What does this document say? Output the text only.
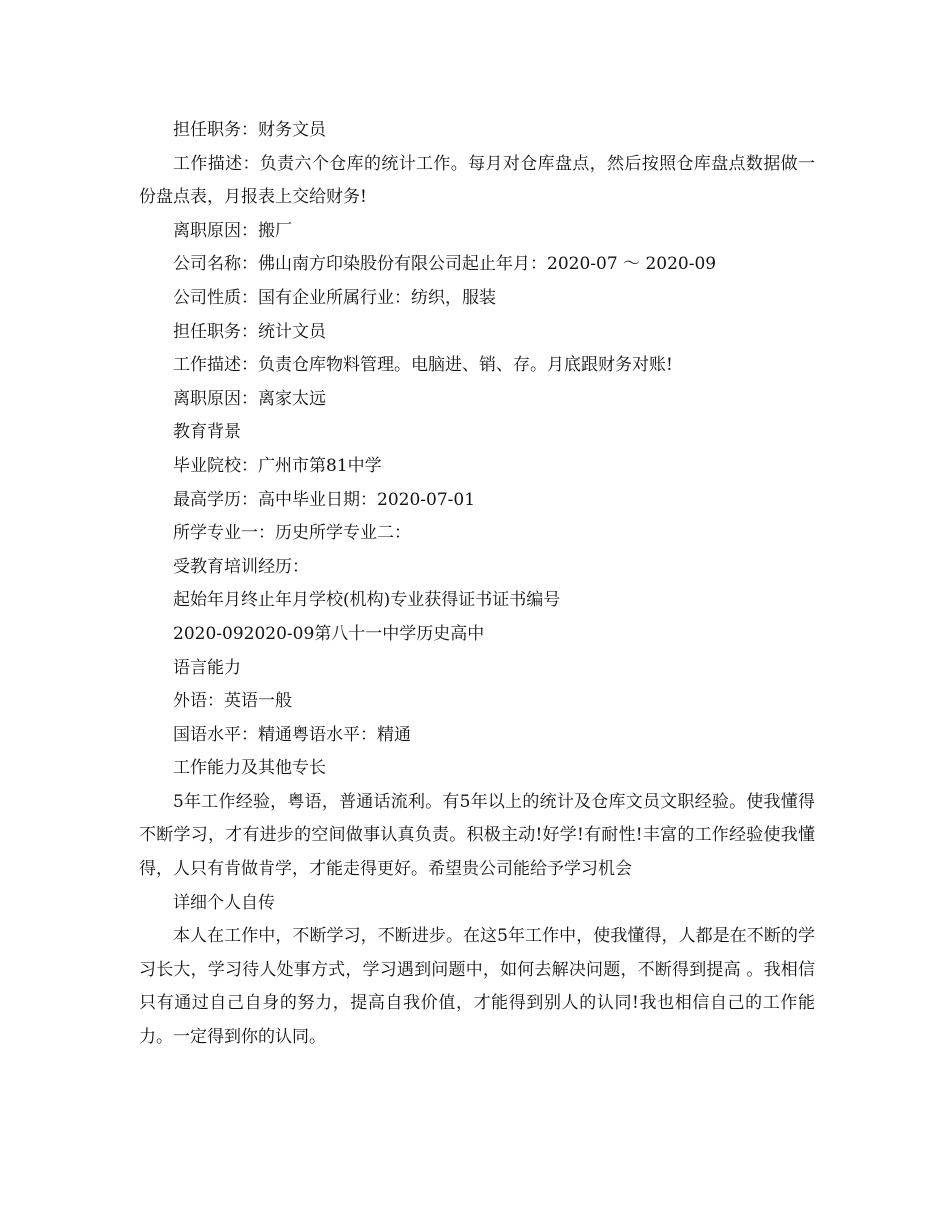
担任职务：财务文员

工作描述：负责六个仓库的统计工作。每月对仓库盘点，然后按照仓库盘点数据做一份盘点表，月报表上交给财务!

离职原因：搬厂

公司名称：佛山南方印染股份有限公司起止年月：2020-07 ～ 2020-09

公司性质：国有企业所属行业：纺织，服装

担任职务：统计文员

工作描述：负责仓库物料管理。电脑进、销、存。月底跟财务对账!

离职原因：离家太远

教育背景

毕业院校：广州市第81中学

最高学历：高中毕业日期：2020-07-01

所学专业一：历史所学专业二：

受教育培训经历：

起始年月终止年月学校(机构)专业获得证书证书编号

2020-092020-09第八十一中学历史高中

语言能力

外语：英语一般

国语水平：精通粤语水平：精通

工作能力及其他专长

5年工作经验，粤语，普通话流利。有5年以上的统计及仓库文员文职经验。使我懂得不断学习，才有进步的空间做事认真负责。积极主动!好学!有耐性!丰富的工作经验使我懂得，人只有肯做肯学，才能走得更好。希望贵公司能给予学习机会

详细个人自传

本人在工作中，不断学习，不断进步。在这5年工作中，使我懂得，人都是在不断的学习长大，学习待人处事方式，学习遇到问题中，如何去解决问题，不断得到提高 。我相信只有通过自己自身的努力，提高自我价值，才能得到别人的认同!我也相信自己的工作能力。一定得到你的认同。
